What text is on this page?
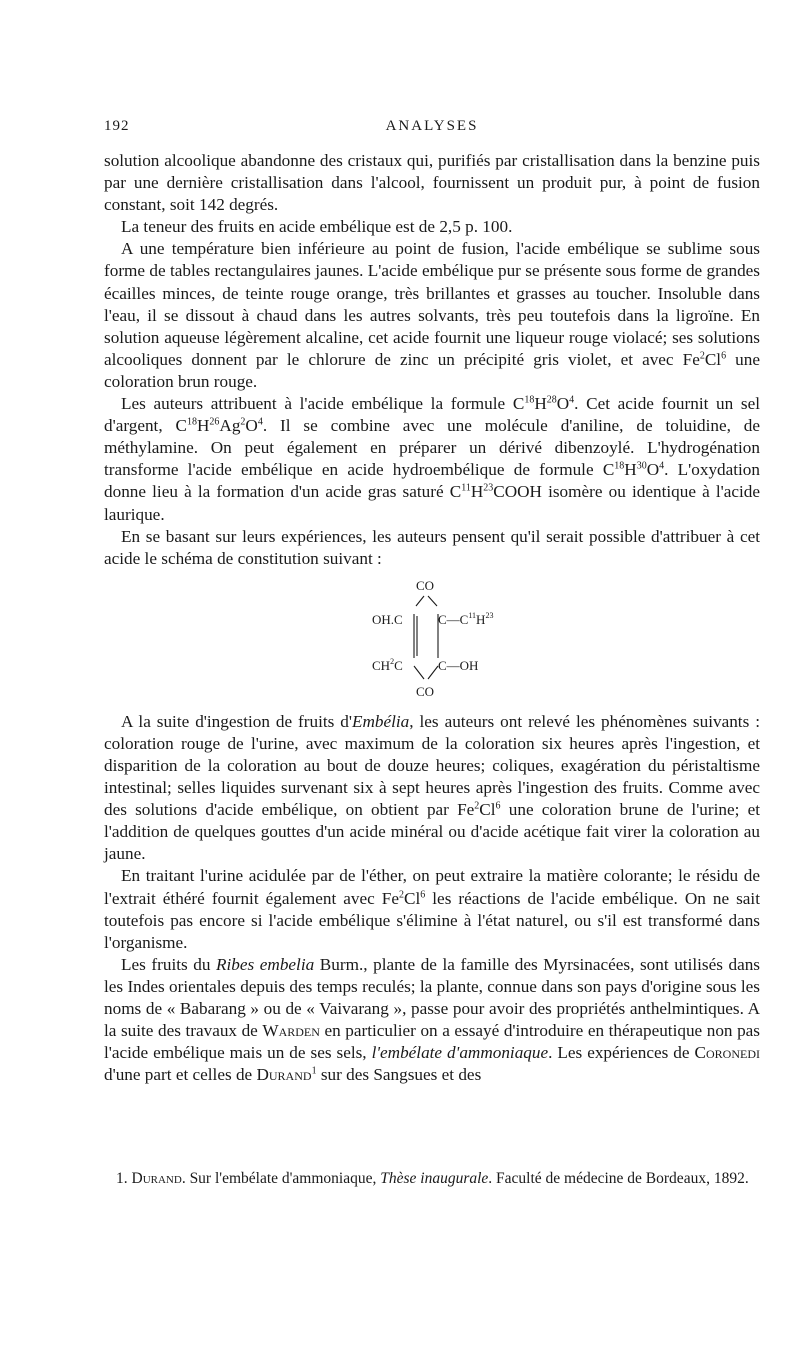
192	ANALYSES

solution alcoolique abandonne des cristaux qui, purifiés par cristallisation dans la benzine puis par une dernière cristallisation dans l'alcool, fournissent un produit pur, à point de fusion constant, soit 142 degrés.

La teneur des fruits en acide embélique est de 2,5 p. 100.

A une température bien inférieure au point de fusion, l'acide embélique se sublime sous forme de tables rectangulaires jaunes. L'acide embélique pur se présente sous forme de grandes écailles minces, de teinte rouge orange, très brillantes et grasses au toucher. Insoluble dans l'eau, il se dissout à chaud dans les autres solvants, très peu toutefois dans la ligroïne. En solution aqueuse légèrement alcaline, cet acide fournit une liqueur rouge violacé; ses solutions alcooliques donnent par le chlorure de zinc un précipité gris violet, et avec Fe$^2$Cl$^6$ une coloration brun rouge.

Les auteurs attribuent à l'acide embélique la formule $C^{18}H^{28}O^4$. Cet acide fournit un sel d'argent, $C^{18}H^{26}Ag^2O^4$. Il se combine avec une molécule d'aniline, de toluidine, de méthylamine. On peut également en préparer un dérivé dibenzoylé. L'hydrogénation transforme l'acide embélique en acide hydroembélique de formule $C^{18}H^{30}O^4$. L'oxydation donne lieu à la formation d'un acide gras saturé $C^{11}H^{23}COOH$ isomère ou identique à l'acide laurique.

En se basant sur leurs expériences, les auteurs pensent qu'il serait possible d'attribuer à cet acide le schéma de constitution suivant :

CO
OH.C	$C—C^{11}H^{23}$
$CH^2C$	C—OH
CO

A la suite d'ingestion de fruits d'Embélia, les auteurs ont relevé les phénomènes suivants : coloration rouge de l'urine, avec maximum de la coloration six heures après l'ingestion, et disparition de la coloration au bout de douze heures; coliques, exagération du péristaltisme intestinal; selles liquides survenant six à sept heures après l'ingestion des fruits. Comme avec des solutions d'acide embélique, on obtient par Fe$^2$Cl$^6$ une coloration brune de l'urine; et l'addition de quelques gouttes d'un acide minéral ou d'acide acétique fait virer la coloration au jaune.

En traitant l'urine acidulée par de l'éther, on peut extraire la matière colorante; le résidu de l'extrait éthéré fournit également avec Fe$^2$Cl$^6$ les réactions de l'acide embélique. On ne sait toutefois pas encore si l'acide embélique s'élimine à l'état naturel, ou s'il est transformé dans l'organisme.

Les fruits du Ribes embelia Burm., plante de la famille des Myrsinacées, sont utilisés dans les Indes orientales depuis des temps reculés; la plante, connue dans son pays d'origine sous les noms de « Babarang » ou de « Vaivarang », passe pour avoir des propriétés anthelmintiques. A la suite des travaux de Warden en particulier on a essayé d'introduire en thérapeutique non pas l'acide embélique mais un de ses sels, l'embélate d'ammoniaque. Les expériences de Coronedi d'une part et celles de Durand$^1$ sur des Sangsues et des

1. Durand. Sur l'embélate d'ammoniaque, Thèse inaugurale. Faculté de médecine de Bordeaux, 1892.
